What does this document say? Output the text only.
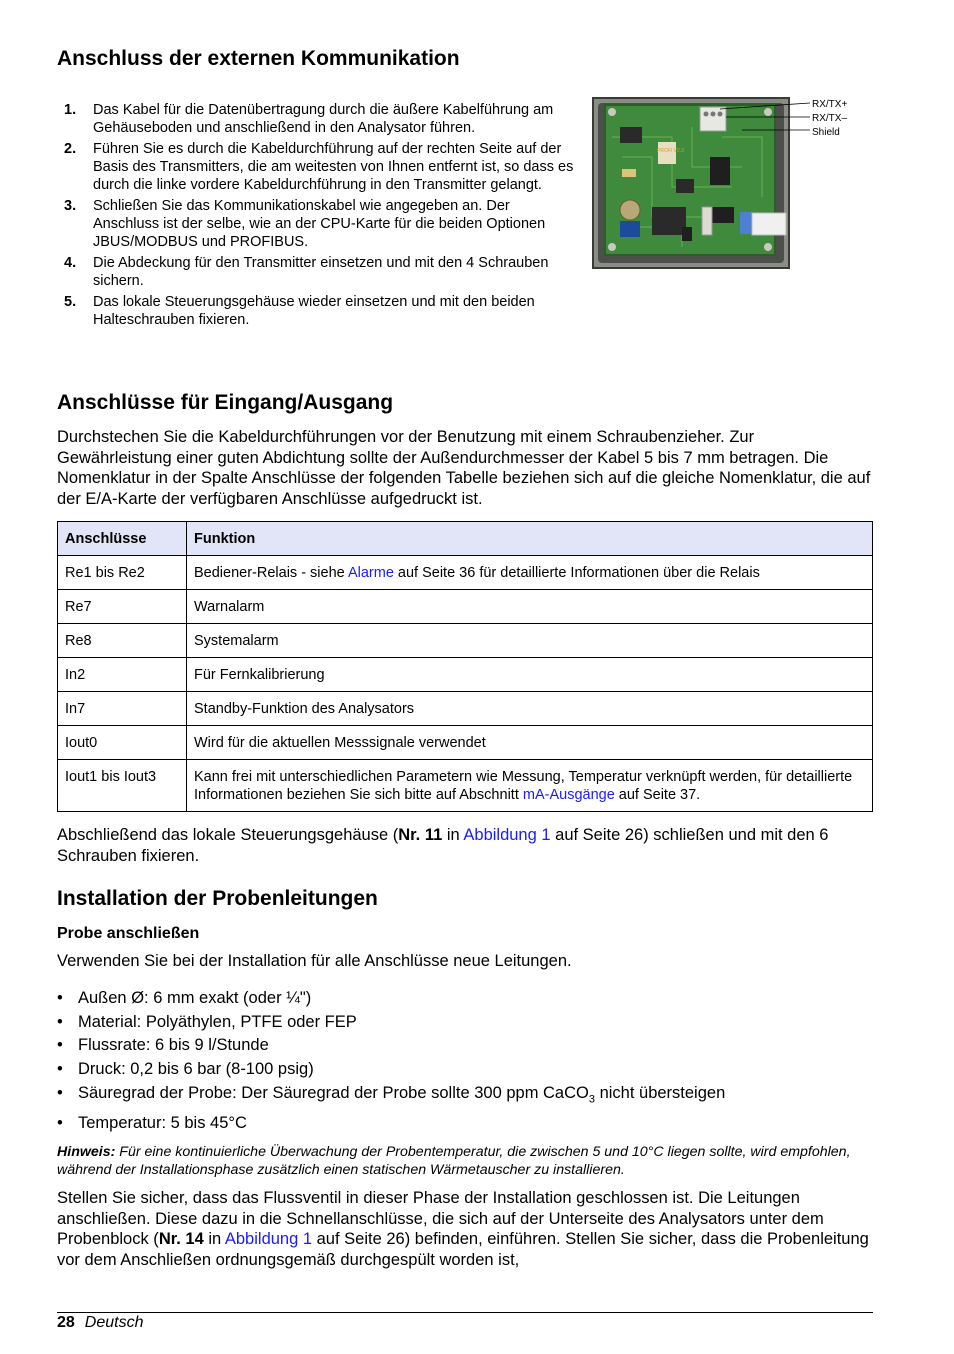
Anschluss der externen Kommunikation
1. Das Kabel für die Datenübertragung durch die äußere Kabelführung am Gehäuseboden und anschließend in den Analysator führen.
2. Führen Sie es durch die Kabeldurchführung auf der rechten Seite auf der Basis des Transmitters, die am weitesten von Ihnen entfernt ist, so dass es durch die linke vordere Kabeldurchführung in den Transmitter gelangt.
3. Schließen Sie das Kommunikationskabel wie angegeben an. Der Anschluss ist der selbe, wie an der CPU-Karte für die beiden Optionen JBUS/MODBUS und PROFIBUS.
4. Die Abdeckung für den Transmitter einsetzen und mit den 4 Schrauben sichern.
5. Das lokale Steuerungsgehäuse wieder einsetzen und mit den beiden Halteschrauben fixieren.
PROFI V2.3
RX/TX+
RX/TX–
Shield
Anschlüsse für Eingang/Ausgang

Durchstechen Sie die Kabeldurchführungen vor der Benutzung mit einem Schraubenzieher. Zur Gewährleistung einer guten Abdichtung sollte der Außendurchmesser der Kabel 5 bis 7 mm betragen. Die Nomenklatur in der Spalte Anschlüsse der folgenden Tabelle beziehen sich auf die gleiche Nomenklatur, die auf der E/A-Karte der verfügbaren Anschlüsse aufgedruckt ist.

Anschlüsse	Funktion
Re1 bis Re2	Bediener-Relais - siehe Alarme auf Seite 36 für detaillierte Informationen über die Relais
Re7	Warnalarm
Re8	Systemalarm
In2	Für Fernkalibrierung
In7	Standby-Funktion des Analysators
Iout0	Wird für die aktuellen Messsignale verwendet
Iout1 bis Iout3	Kann frei mit unterschiedlichen Parametern wie Messung, Temperatur verknüpft werden, für detaillierte Informationen beziehen Sie sich bitte auf Abschnitt mA-Ausgänge auf Seite 37.

Abschließend das lokale Steuerungsgehäuse (Nr. 11 in Abbildung 1 auf Seite 26) schließen und mit den 6 Schrauben fixieren.

Installation der Probenleitungen
Probe anschließen

Verwenden Sie bei der Installation für alle Anschlüsse neue Leitungen.

• Außen Ø: 6 mm exakt (oder ¼")
• Material: Polyäthylen, PTFE oder FEP
• Flussrate: 6 bis 9 l/Stunde
• Druck: 0,2 bis 6 bar (8-100 psig)
• Säuregrad der Probe: Der Säuregrad der Probe sollte 300 ppm CaCO$_3$ nicht übersteigen
• Temperatur: 5 bis 45°C

Hinweis: Für eine kontinuierliche Überwachung der Probentemperatur, die zwischen 5 und 10°C liegen sollte, wird empfohlen, während der Installationsphase zusätzlich einen statischen Wärmetauscher zu installieren.

Stellen Sie sicher, dass das Flussventil in dieser Phase der Installation geschlossen ist. Die Leitungen anschließen. Diese dazu in die Schnellanschlüsse, die sich auf der Unterseite des Analysators unter dem Probenblock (Nr. 14 in Abbildung 1 auf Seite 26) befinden, einführen. Stellen Sie sicher, dass die Probenleitung vor dem Anschließen ordnungsgemäß durchgespült worden ist,

28 Deutsch
